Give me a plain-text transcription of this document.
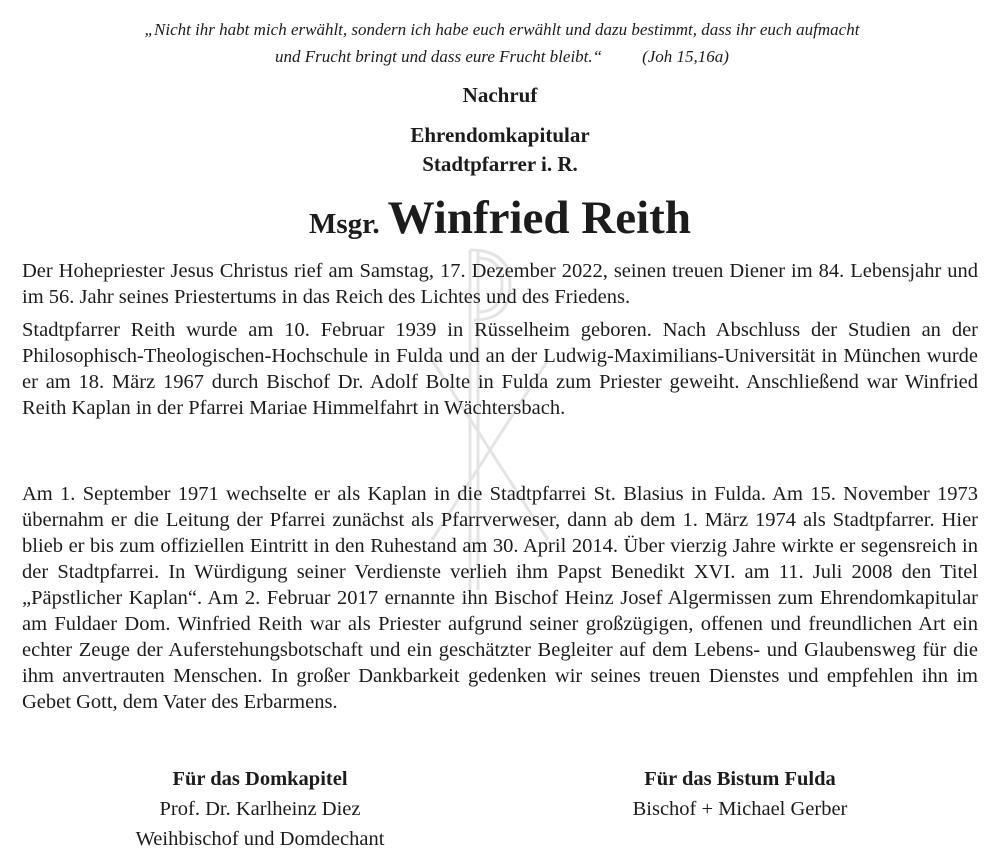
„Nicht ihr habt mich erwählt, sondern ich habe euch erwählt und dazu bestimmt, dass ihr euch aufmacht
und Frucht bringt und dass eure Frucht bleibt.“ (Joh 15,16a)
Nachruf
Ehrendomkapitular
Stadtpfarrer i. R.
Msgr. Winfried Reith
Der Hohepriester Jesus Christus rief am Samstag, 17. Dezember 2022, seinen treuen Diener im 84. Lebensjahr und im 56. Jahr seines Priestertums in das Reich des Lichtes und des Friedens.
Stadtpfarrer Reith wurde am 10. Februar 1939 in Rüsselheim geboren. Nach Abschluss der Studien an der Philosophisch-Theologischen-Hochschule in Fulda und an der Ludwig-Maximilians-Universität in München wurde er am 18. März 1967 durch Bischof Dr. Adolf Bolte in Fulda zum Priester geweiht. Anschließend war Winfried Reith Kaplan in der Pfarrei Mariae Himmelfahrt in Wächtersbach.
Am 1. September 1971 wechselte er als Kaplan in die Stadtpfarrei St. Blasius in Fulda. Am 15. November 1973 übernahm er die Leitung der Pfarrei zunächst als Pfarrverweser, dann ab dem 1. März 1974 als Stadtpfarrer. Hier blieb er bis zum offiziellen Eintritt in den Ruhestand am 30. April 2014. Über vierzig Jahre wirkte er segensreich in der Stadtpfarrei. In Würdigung seiner Verdienste verlieh ihm Papst Benedikt XVI. am 11. Juli 2008 den Titel „Päpstlicher Kaplan“. Am 2. Februar 2017 ernannte ihn Bischof Heinz Josef Algermissen zum Ehrendomkapitular am Fuldaer Dom. Winfried Reith war als Priester aufgrund seiner großzügigen, offenen und freundlichen Art ein echter Zeuge der Auferstehungsbotschaft und ein geschätzter Begleiter auf dem Lebens- und Glaubensweg für die ihm anvertrauten Menschen. In großer Dankbarkeit gedenken wir seines treuen Dienstes und empfehlen ihn im Gebet Gott, dem Vater des Erbarmens.
Für das Domkapitel
Prof. Dr. Karlheinz Diez
Weihbischof und Domdechant
Für das Bistum Fulda
Bischof + Michael Gerber
